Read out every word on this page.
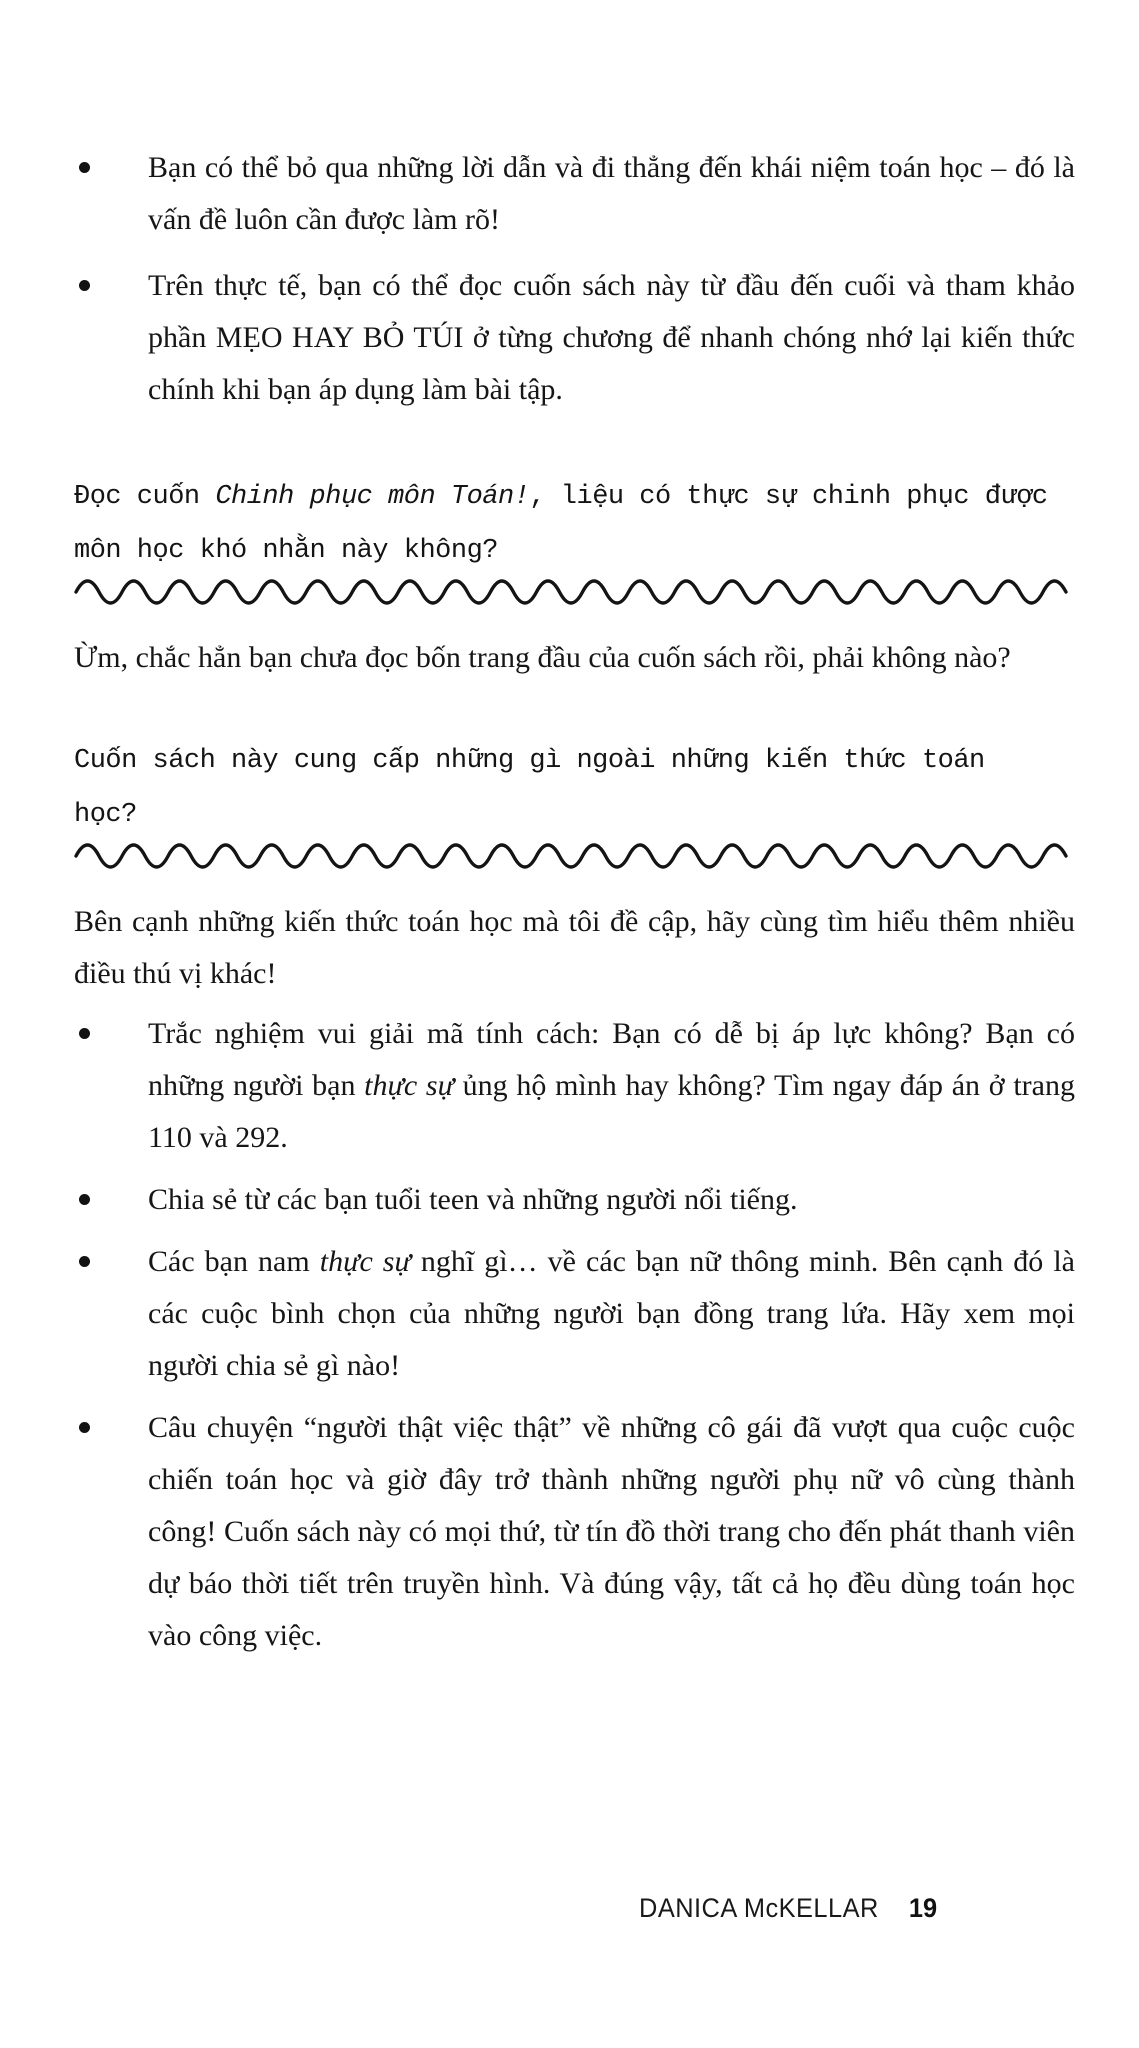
Bạn có thể bỏ qua những lời dẫn và đi thẳng đến khái niệm toán học – đó là vấn đề luôn cần được làm rõ!

Trên thực tế, bạn có thể đọc cuốn sách này từ đầu đến cuối và tham khảo phần MẸO HAY BỎ TÚI ở từng chương để nhanh chóng nhớ lại kiến thức chính khi bạn áp dụng làm bài tập.

Đọc cuốn Chinh phục môn Toán!, liệu có thực sự chinh phục được môn học khó nhằn này không?

Ừm, chắc hẳn bạn chưa đọc bốn trang đầu của cuốn sách rồi, phải không nào?

Cuốn sách này cung cấp những gì ngoài những kiến thức toán học?

Bên cạnh những kiến thức toán học mà tôi đề cập, hãy cùng tìm hiểu thêm nhiều điều thú vị khác!

Trắc nghiệm vui giải mã tính cách: Bạn có dễ bị áp lực không? Bạn có những người bạn thực sự ủng hộ mình hay không? Tìm ngay đáp án ở trang 110 và 292.

Chia sẻ từ các bạn tuổi teen và những người nổi tiếng.

Các bạn nam thực sự nghĩ gì… về các bạn nữ thông minh. Bên cạnh đó là các cuộc bình chọn của những người bạn đồng trang lứa. Hãy xem mọi người chia sẻ gì nào!

Câu chuyện “người thật việc thật” về những cô gái đã vượt qua cuộc cuộc chiến toán học và giờ đây trở thành những người phụ nữ vô cùng thành công! Cuốn sách này có mọi thứ, từ tín đồ thời trang cho đến phát thanh viên dự báo thời tiết trên truyền hình. Và đúng vậy, tất cả họ đều dùng toán học vào công việc.

DANICA McKELLAR 19
